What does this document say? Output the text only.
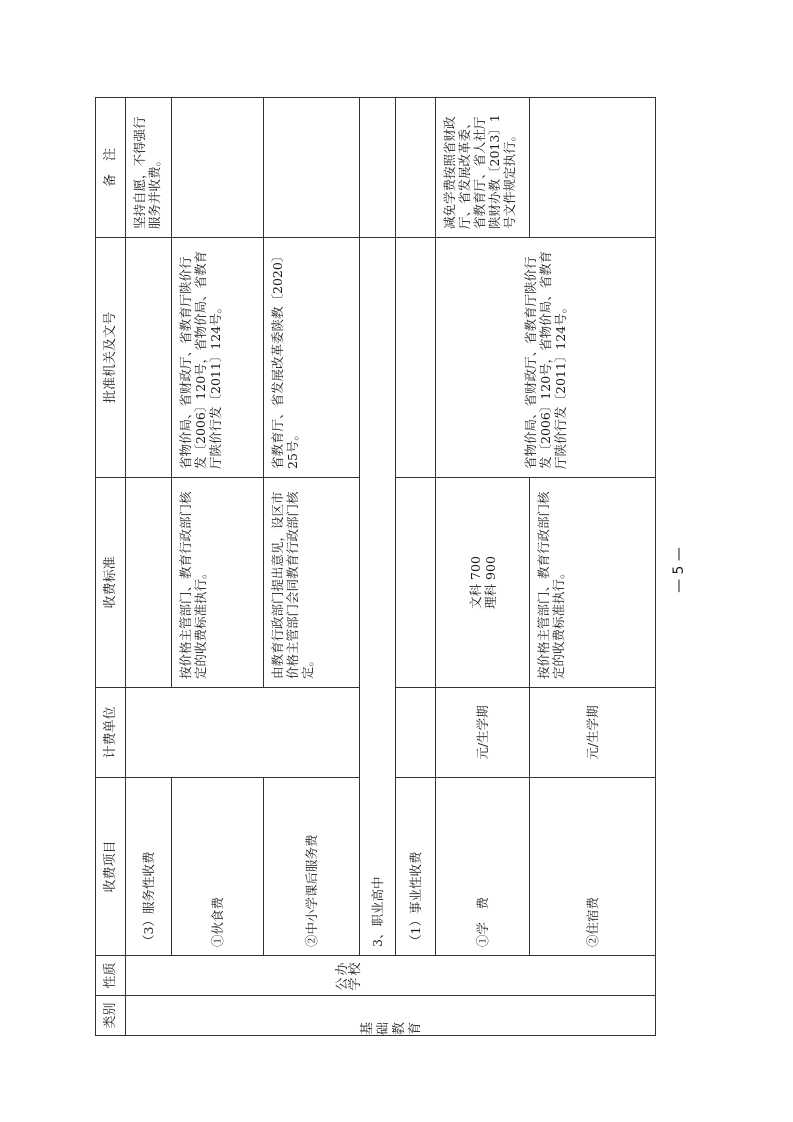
类别	性质	收费项目	计费单位	收费标准	批准机关及文号	备　注
基础教育		（3）服务性收费				坚持自愿，不得强行服务并收费。
		①伙食费		按价格主管部门、教育行政部门核定的收费标准执行。	省物价局、省财政厅、省教育厅陕价行发〔2006〕120号，省物价局、省教育厅陕价行发〔2011〕124号。	
		②中小学课后服务费		由教育行政部门提出意见，设区市价格主管部门会同教育行政部门核定。	省教育厅、省发展改革委陕教〔2020〕25号。	
	公办学校	3、职业高中				
		（1）事业性收费				
		①学　费	元/生学期	文科 700 理科 900	省物价局、省财政厅、省教育厅陕价行发〔2006〕120号，省物价局、省教育厅陕价行发〔2011〕124号。	减免学费按照省财政厅、省发展改革委、省教育厅、省人社厅陕财办教〔2013〕1号文件规定执行。
		②住宿费	元/生学期	按价格主管部门、教育行政部门核定的收费标准执行。			— 5 —
